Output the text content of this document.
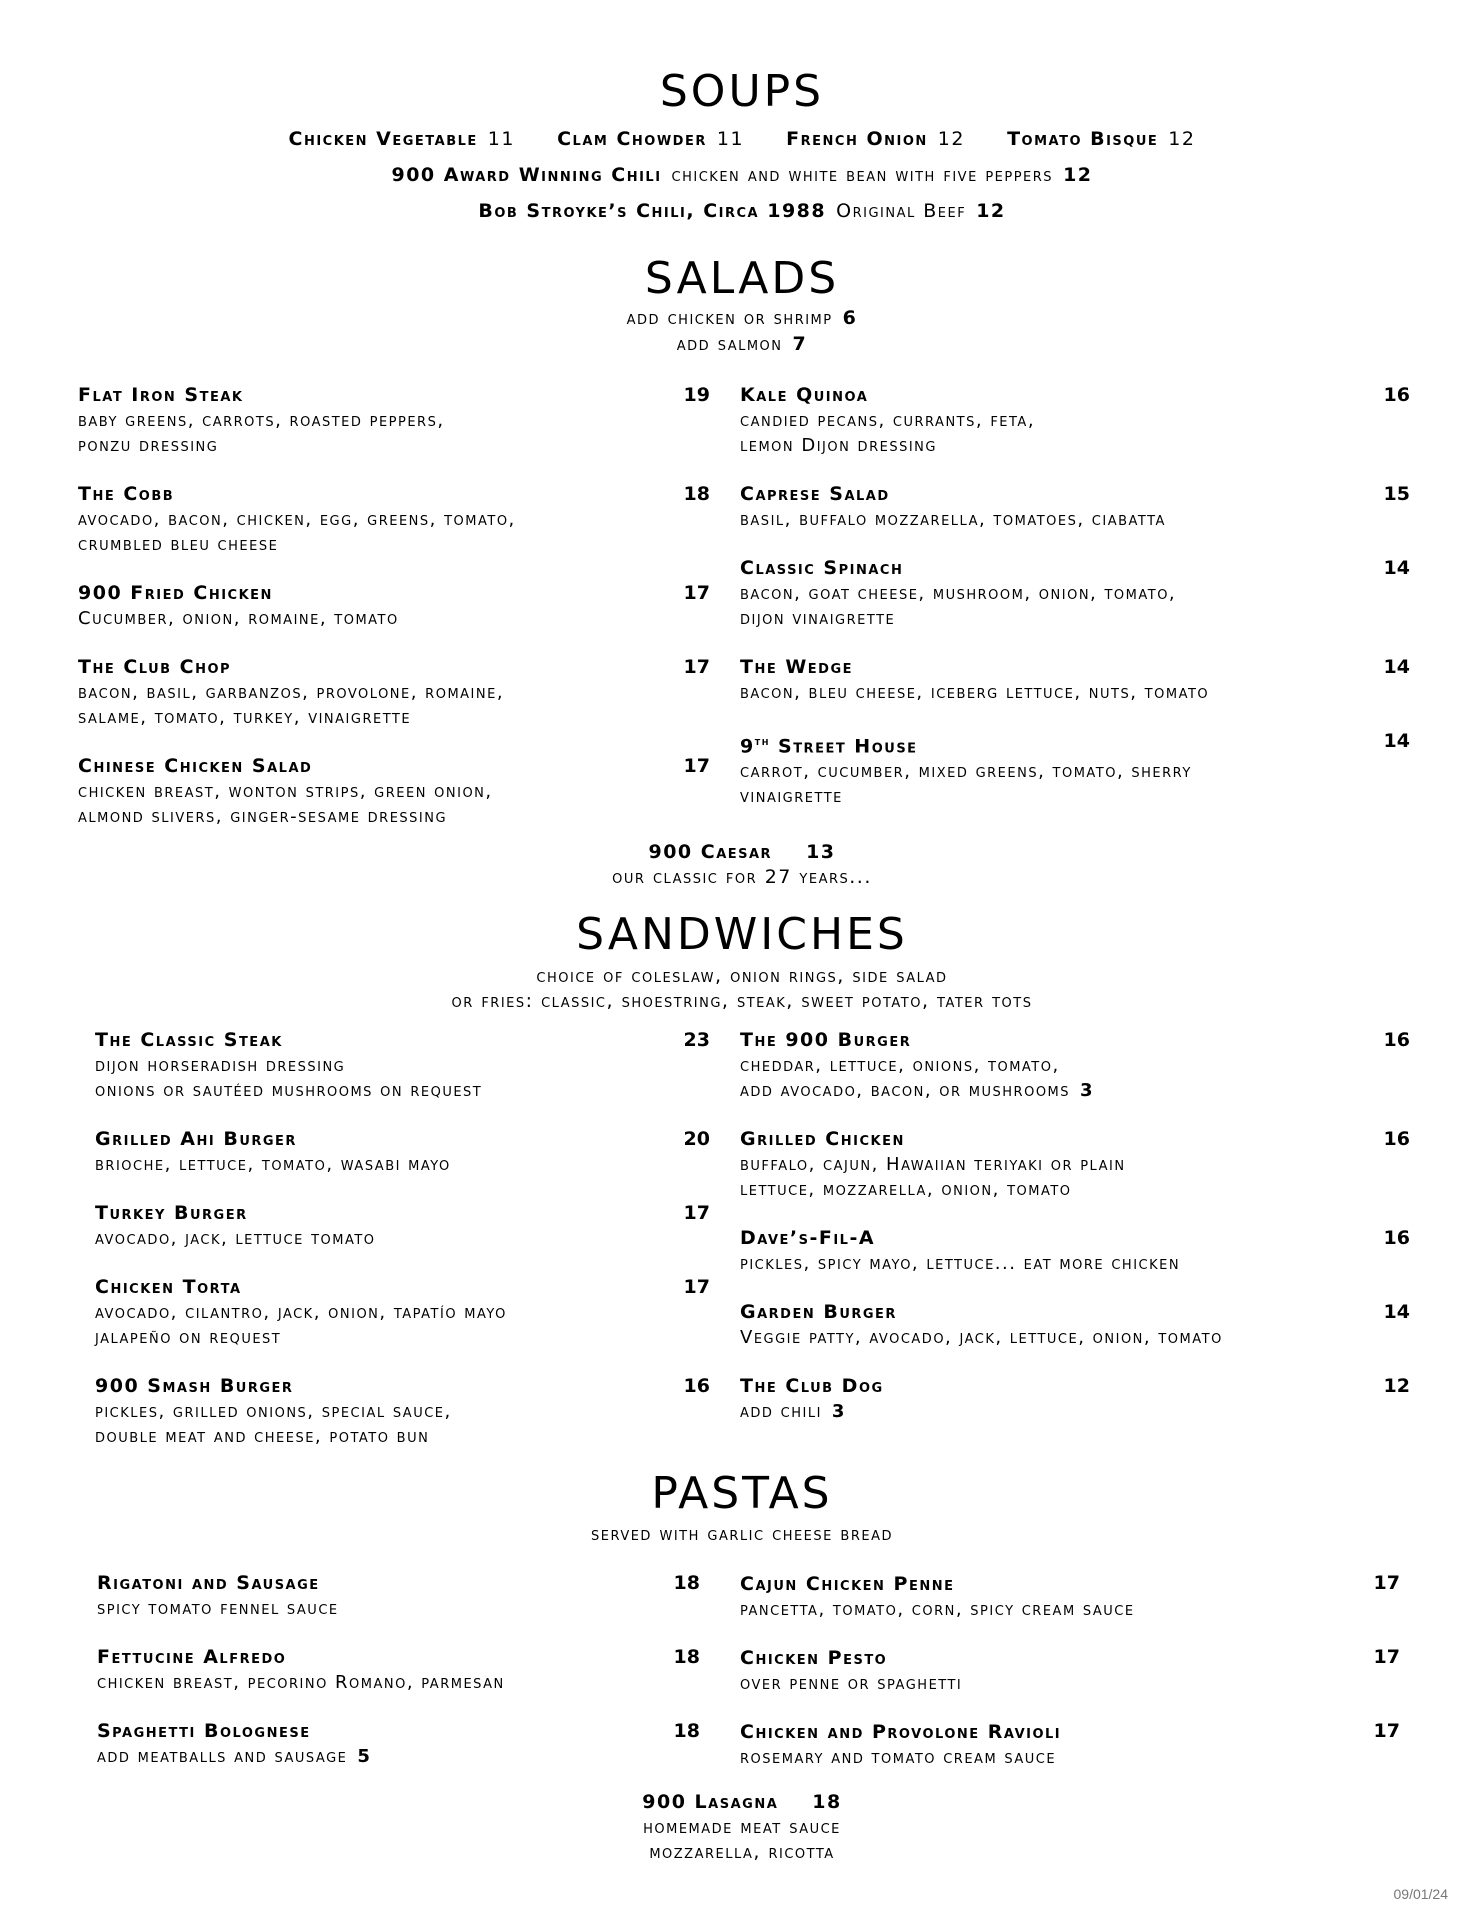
SOUPS
Chicken Vegetable 11 Clam Chowder 11 French Onion 12 Tomato Bisque 12
900 Award Winning Chili chicken and white bean with five peppers 12
Bob Stroyke’s Chili, Circa 1988 Original Beef 12
SALADS
add chicken or shrimp 6
add salmon 7
Flat Iron Steak
baby greens, carrots, roasted peppers,
ponzu dressing
19
The Cobb
avocado, bacon, chicken, egg, greens, tomato,
crumbled bleu cheese
18
900 Fried Chicken
Cucumber, onion, romaine, tomato
17
The Club Chop
bacon, basil, garbanzos, provolone, romaine,
salame, tomato, turkey, vinaigrette
17
Chinese Chicken Salad
chicken breast, wonton strips, green onion,
almond slivers, ginger-sesame dressing
17
Kale Quinoa
candied pecans, currants, feta,
lemon Dijon dressing
16
Caprese Salad
basil, buffalo mozzarella, tomatoes, ciabatta
15
Classic Spinach
bacon, goat cheese, mushroom, onion, tomato,
dijon vinaigrette
14
The Wedge
bacon, bleu cheese, iceberg lettuce, nuts, tomato
14
9th Street House
carrot, cucumber, mixed greens, tomato, sherry
vinaigrette
14
900 Caesar 13
our classic for 27 years...
SANDWICHES
choice of coleslaw, onion rings, side salad
or fries: classic, shoestring, steak, sweet potato, tater tots
The Classic Steak
dijon horseradish dressing
onions or sautéed mushrooms on request
23
Grilled Ahi Burger
brioche, lettuce, tomato, wasabi mayo
20
Turkey Burger
avocado, jack, lettuce tomato
17
Chicken Torta
avocado, cilantro, jack, onion, tapatío mayo
jalapeño on request
17
900 Smash Burger
pickles, grilled onions, special sauce,
double meat and cheese, potato bun
16
The 900 Burger
cheddar, lettuce, onions, tomato,
add avocado, bacon, or mushrooms 3
16
Grilled Chicken
buffalo, cajun, Hawaiian teriyaki or plain
lettuce, mozzarella, onion, tomato
16
Dave’s-Fil-A
pickles, spicy mayo, lettuce... eat more chicken
16
Garden Burger
Veggie patty, avocado, jack, lettuce, onion, tomato
14
The Club Dog
add chili 3
12
PASTAS
served with garlic cheese bread
Rigatoni and Sausage
spicy tomato fennel sauce
18
Fettucine Alfredo
chicken breast, pecorino Romano, parmesan
18
Spaghetti Bolognese
add meatballs and sausage 5
18
Cajun Chicken Penne
pancetta, tomato, corn, spicy cream sauce
17
Chicken Pesto
over penne or spaghetti
17
Chicken and Provolone Ravioli
rosemary and tomato cream sauce
17
900 Lasagna 18
homemade meat sauce
mozzarella, ricotta
09/01/24
